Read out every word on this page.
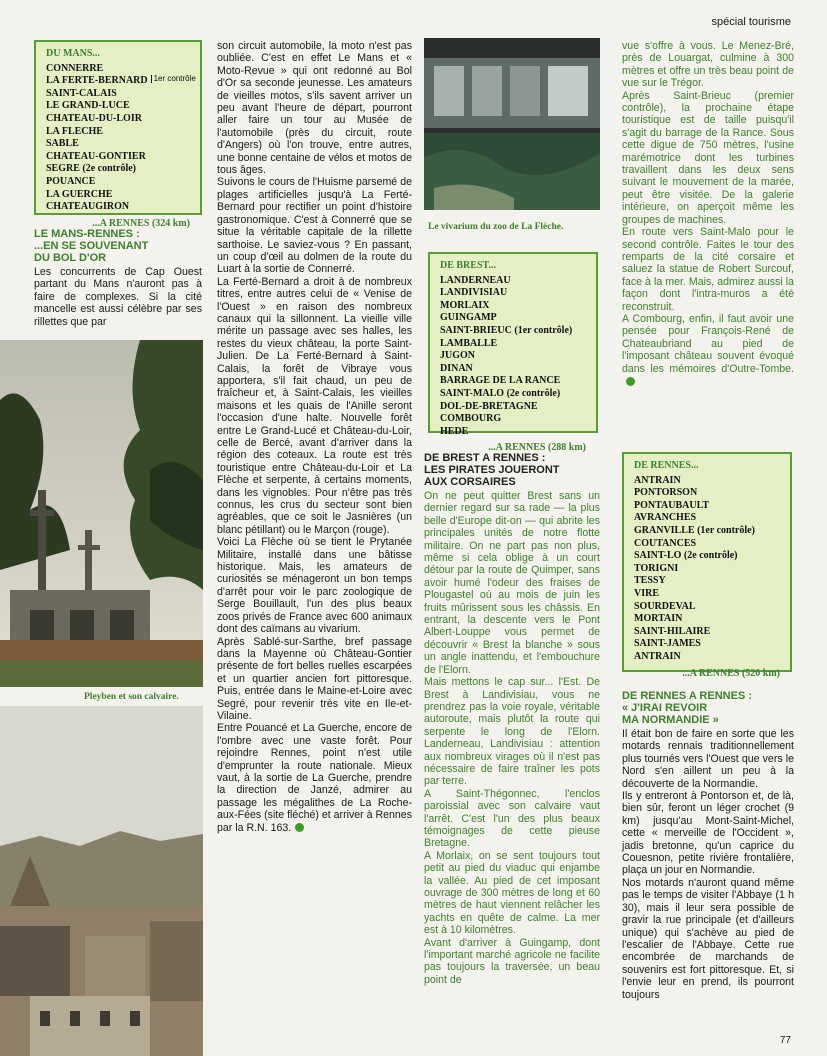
spécial tourisme
DU MANS...
CONNERRE
LA FERTE-BERNARD 1er contrôle
SAINT-CALAIS
LE GRAND-LUCE
CHATEAU-DU-LOIR
LA FLECHE
SABLE
CHATEAU-GONTIER
SEGRE (2e contrôle)
POUANCE
LA GUERCHE
CHATEAUGIRON
...A RENNES (324 km)
LE MANS-RENNES :
...EN SE SOUVENANT
DU BOL D'OR

Les concurrents de Cap Ouest partant du Mans n'auront pas à faire de complexes. Si la cité mancelle est aussi célèbre par ses rillettes que par

Pleyben et son calvaire.

son circuit automobile, la moto n'est pas oubliée. C'est en effet Le Mans et « Moto-Revue » qui ont redonné au Bol d'Or sa seconde jeunesse. Les amateurs de vieilles motos, s'ils savent arriver un peu avant l'heure de départ, pourront aller faire un tour au Musée de l'automobile (près du circuit, route d'Angers) où l'on trouve, entre autres, une bonne centaine de vélos et motos de tous âges.

Suivons le cours de l'Huisme parsemé de plages artificielles jusqu'à La Ferté-Bernard pour rectifier un point d'histoire gastronomique. C'est à Connerré que se situe la véritable capitale de la rillette sarthoise. Le saviez-vous ? En passant, un coup d'œil au dolmen de la route du Luart à la sortie de Connerré.

La Ferté-Bernard a droit à de nombreux titres, entre autres celui de « Venise de l'Ouest » en raison des nombreux canaux qui la sillonnent. La vieille ville mérite un passage avec ses halles, les restes du vieux château, la porte Saint-Julien. De La Ferté-Bernard à Saint-Calais, la forêt de Vibraye vous apportera, s'il fait chaud, un peu de fraîcheur et, à Saint-Calais, les vieilles maisons et les quais de l'Anille seront l'occasion d'une halte. Nouvelle forêt entre Le Grand-Lucé et Château-du-Loir, celle de Bercé, avant d'arriver dans la région des coteaux. La route est très touristique entre Château-du-Loir et La Flèche et serpente, à certains moments, dans les vignobles. Pour n'être pas très connus, les crus du secteur sont bien agréables, que ce soit le Jasnières (un blanc pétillant) ou le Marçon (rouge).

Voici La Flèche où se tient le Prytanée Militaire, installé dans une bâtisse historique. Mais, les amateurs de curiosités se ménageront un bon temps d'arrêt pour voir le parc zoologique de Serge Bouillault, l'un des plus beaux zoos privés de France avec 600 animaux dont des caïmans au vivarium.

Après Sablé-sur-Sarthe, bref passage dans la Mayenne où Château-Gontier présente de fort belles ruelles escarpées et un quartier ancien fort pittoresque. Puis, entrée dans le Maine-et-Loire avec Segré, pour revenir très vite en Ile-et-Vilaine.

Entre Pouancé et La Guerche, encore de l'ombre avec une vaste forêt. Pour rejoindre Rennes, point n'est utile d'emprunter la route nationale. Mieux vaut, à la sortie de La Guerche, prendre la direction de Janzé, admirer au passage les mégalithes de La Roche-aux-Fées (site fléché) et arriver à Rennes par la R.N. 163.

Le vivarium du zoo de La Flèche.
DE BREST...
LANDERNEAU
LANDIVISIAU
MORLAIX
GUINGAMP
SAINT-BRIEUC (1er contrôle)
LAMBALLE
JUGON
DINAN
BARRAGE DE LA RANCE
SAINT-MALO (2e contrôle)
DOL-DE-BRETAGNE
COMBOURG
HEDE
...A RENNES (288 km)
DE BREST A RENNES :
LES PIRATES JOUERONT
AUX CORSAIRES

On ne peut quitter Brest sans un dernier regard sur sa rade — la plus belle d'Europe dit-on — qui abrite les principales unités de notre flotte militaire. On ne part pas non plus, même si cela oblige à un court détour par la route de Quimper, sans avoir humé l'odeur des fraises de Plougastel où au mois de juin les fruits mûrissent sous les châssis. En entrant, la descente vers le Pont Albert-Louppe vous permet de découvrir « Brest la blanche » sous un angle inattendu, et l'embouchure de l'Elorn.

Mais mettons le cap sur... l'Est. De Brest à Landivisiau, vous ne prendrez pas la voie royale, véritable autoroute, mais plutôt la route qui serpente le long de l'Elorn. Landerneau, Landivisiau : attention aux nombreux virages où il n'est pas nécessaire de faire traîner les pots par terre.

A Saint-Thégonnec, l'enclos paroissial avec son calvaire vaut l'arrêt. C'est l'un des plus beaux témoignages de cette pieuse Bretagne.

A Morlaix, on se sent toujours tout petit au pied du viaduc qui enjambe la vallée. Au pied de cet imposant ouvrage de 300 mètres de long et 60 mètres de haut viennent relâcher les yachts en quête de calme. La mer est à 10 kilomètres.

Avant d'arriver à Guingamp, dont l'important marché agricole ne facilite pas toujours la traversée, un beau point de

vue s'offre à vous. Le Menez-Bré, près de Louargat, culmine à 300 mètres et offre un très beau point de vue sur le Trégor.

Après Saint-Brieuc (premier contrôle), la prochaine étape touristique est de taille puisqu'il s'agit du barrage de la Rance. Sous cette digue de 750 mètres, l'usine marémotrice dont les turbines travaillent dans les deux sens suivant le mouvement de la marée, peut être visitée. De la galerie intérieure, on aperçoit même les groupes de machines.

En route vers Saint-Malo pour le second contrôle. Faites le tour des remparts de la cité corsaire et saluez la statue de Robert Surcouf, face à la mer. Mais, admirez aussi la façon dont l'intra-muros a été reconstruit.

A Combourg, enfin, il faut avoir une pensée pour François-René de Chateaubriand au pied de l'imposant château souvent évoqué dans les mémoires d'Outre-Tombe.

DE RENNES...
ANTRAIN
PONTORSON
PONTAUBAULT
AVRANCHES
GRANVILLE (1er contrôle)
COUTANCES
SAINT-LO (2e contrôle)
TORIGNI
TESSY
VIRE
SOURDEVAL
MORTAIN
SAINT-HILAIRE
SAINT-JAMES
ANTRAIN
...A RENNES (520 km)
DE RENNES A RENNES :
« J'IRAI REVOIR
MA NORMANDIE »

Il était bon de faire en sorte que les motards rennais traditionnellement plus tournés vers l'Ouest que vers le Nord s'en aillent un peu à la découverte de la Normandie.

Ils y entreront à Pontorson et, de là, bien sûr, feront un léger crochet (9 km) jusqu'au Mont-Saint-Michel, cette « merveille de l'Occident », jadis bretonne, qu'un caprice du Couesnon, petite rivière frontalière, plaça un jour en Normandie.

Nos motards n'auront quand même pas le temps de visiter l'Abbaye (1 h 30), mais il leur sera possible de gravir la rue principale (et d'ailleurs unique) qui s'achève au pied de l'escalier de l'Abbaye. Cette rue encombrée de marchands de souvenirs est fort pittoresque. Et, si l'envie leur en prend, ils pourront toujours

77
